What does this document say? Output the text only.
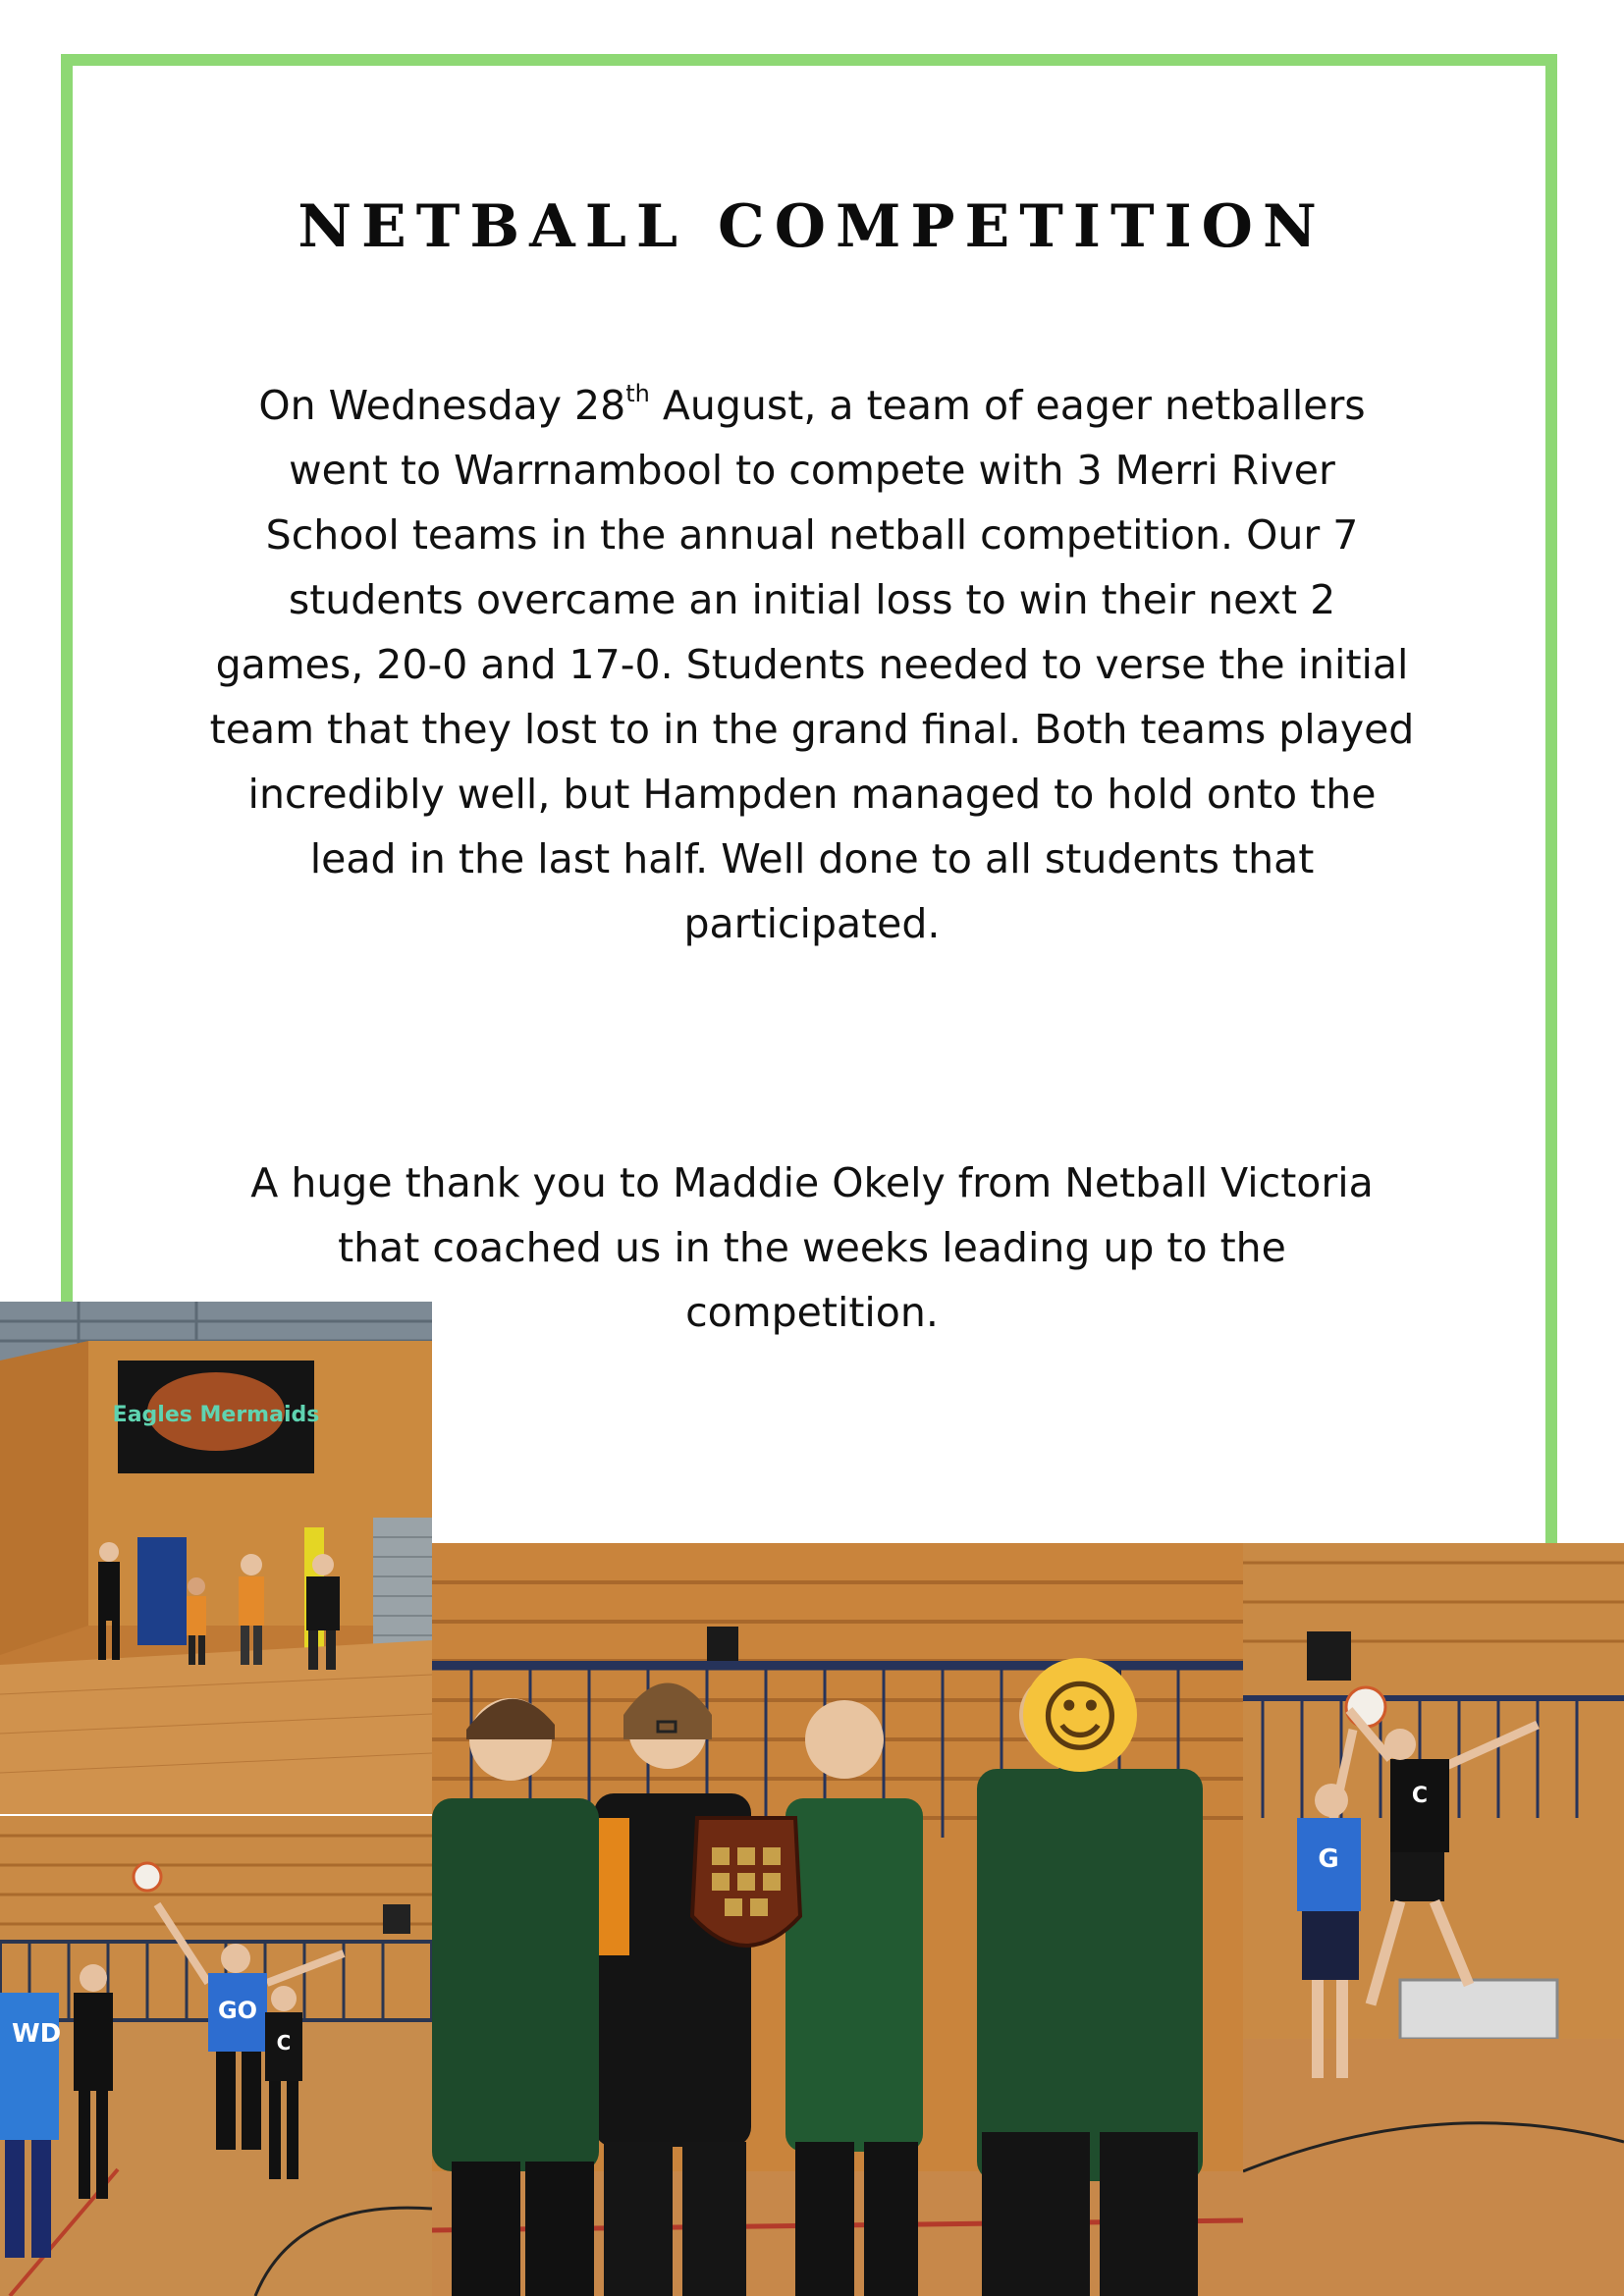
NETBALL COMPETITION
On Wednesday 28th August, a team of eager netballers
went to Warrnambool to compete with 3 Merri River
School teams in the annual netball competition. Our 7
students overcame an initial loss to win their next 2
games, 20-0 and 17-0. Students needed to verse the initial
team that they lost to in the grand final. Both teams played
incredibly well, but Hampden managed to hold onto the
lead in the last half. Well done to all students that
participated.
A huge thank you to Maddie Okely from Netball Victoria
that coached us in the weeks leading up to the
competition.
Eagles Mermaids
WD
GO
C
☺
G
C
